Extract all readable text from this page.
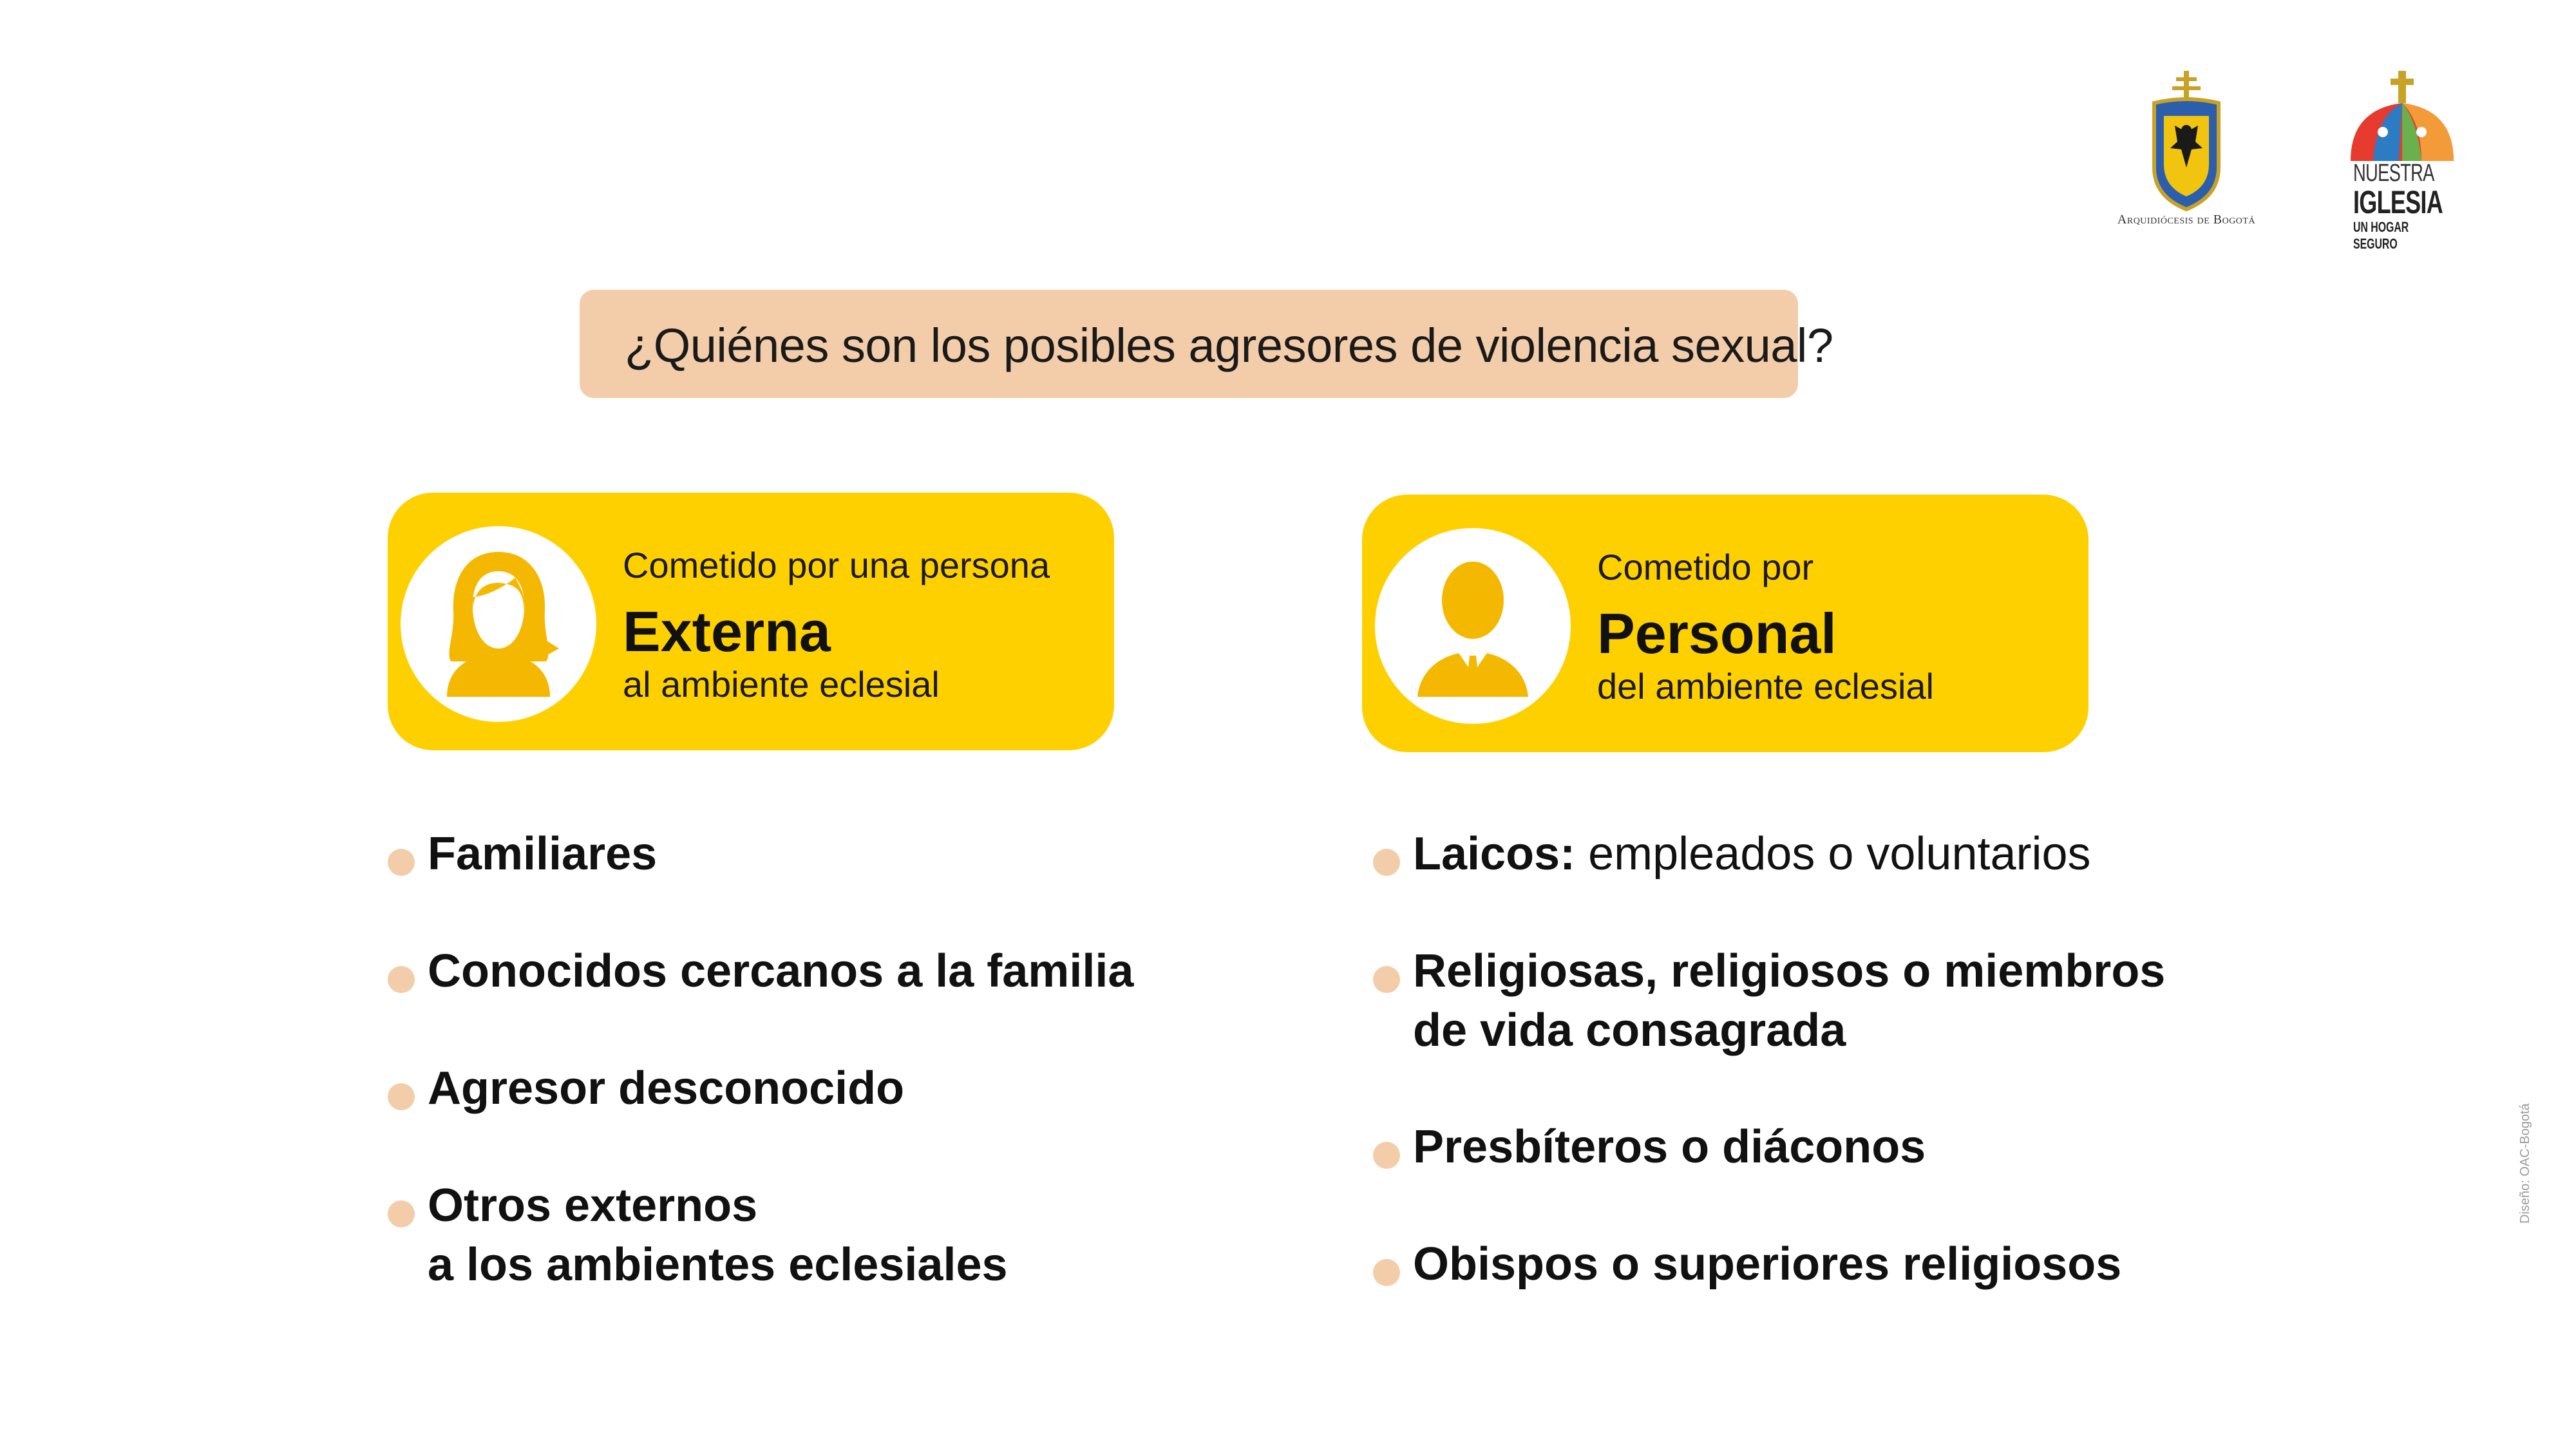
Arquidiócesis de Bogotá
NUESTRA
IGLESIA
UN HOGAR SEGURO
¿Quiénes son los posibles agresores de violencia sexual?
Cometido por una persona
Externa
al ambiente eclesial
Cometido por
Personal
del ambiente eclesial
Familiares
Conocidos cercanos a la familia
Agresor desconocido
Otros externos
a los ambientes eclesiales
Laicos: empleados o voluntarios
Religiosas, religiosos o miembros
de vida consagrada
Presbíteros o diáconos
Obispos o superiores religiosos
Diseño: OAC-Bogotá
